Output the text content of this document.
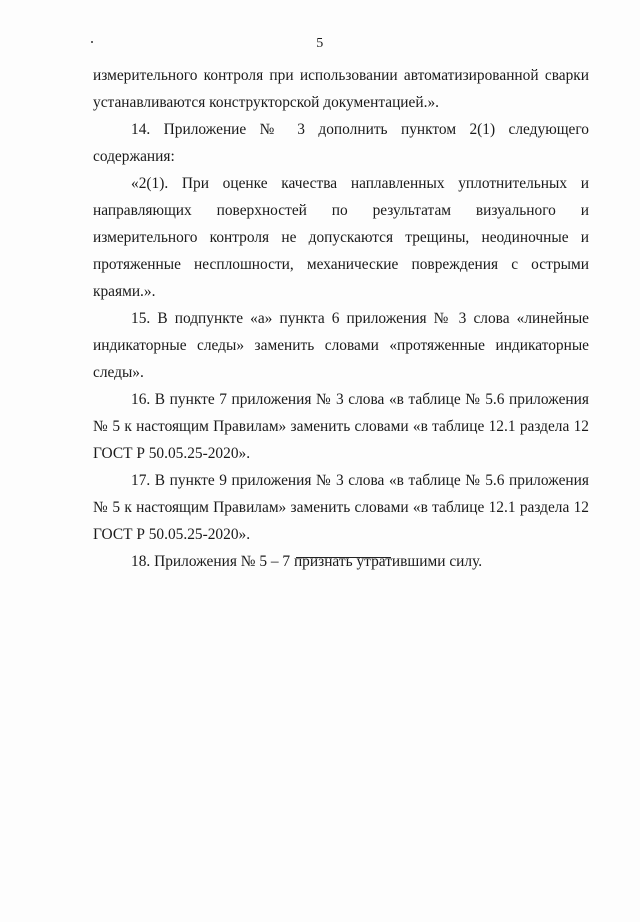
5

измерительного контроля при использовании автоматизированной сварки устанавливаются конструкторской документацией.».

14. Приложение № 3 дополнить пунктом 2(1) следующего содержания:

«2(1). При оценке качества наплавленных уплотнительных и направляющих поверхностей по результатам визуального и измерительного контроля не допускаются трещины, неодиночные и протяженные несплошности, механические повреждения с острыми краями.».

15. В подпункте «а» пункта 6 приложения № 3 слова «линейные индикаторные следы» заменить словами «протяженные индикаторные следы».

16. В пункте 7 приложения № 3 слова «в таблице № 5.6 приложения № 5 к настоящим Правилам» заменить словами «в таблице 12.1 раздела 12 ГОСТ Р 50.05.25-2020».

17. В пункте 9 приложения № 3 слова «в таблице № 5.6 приложения № 5 к настоящим Правилам» заменить словами «в таблице 12.1 раздела 12 ГОСТ Р 50.05.25-2020».

18. Приложения № 5 – 7 признать утратившими силу.
